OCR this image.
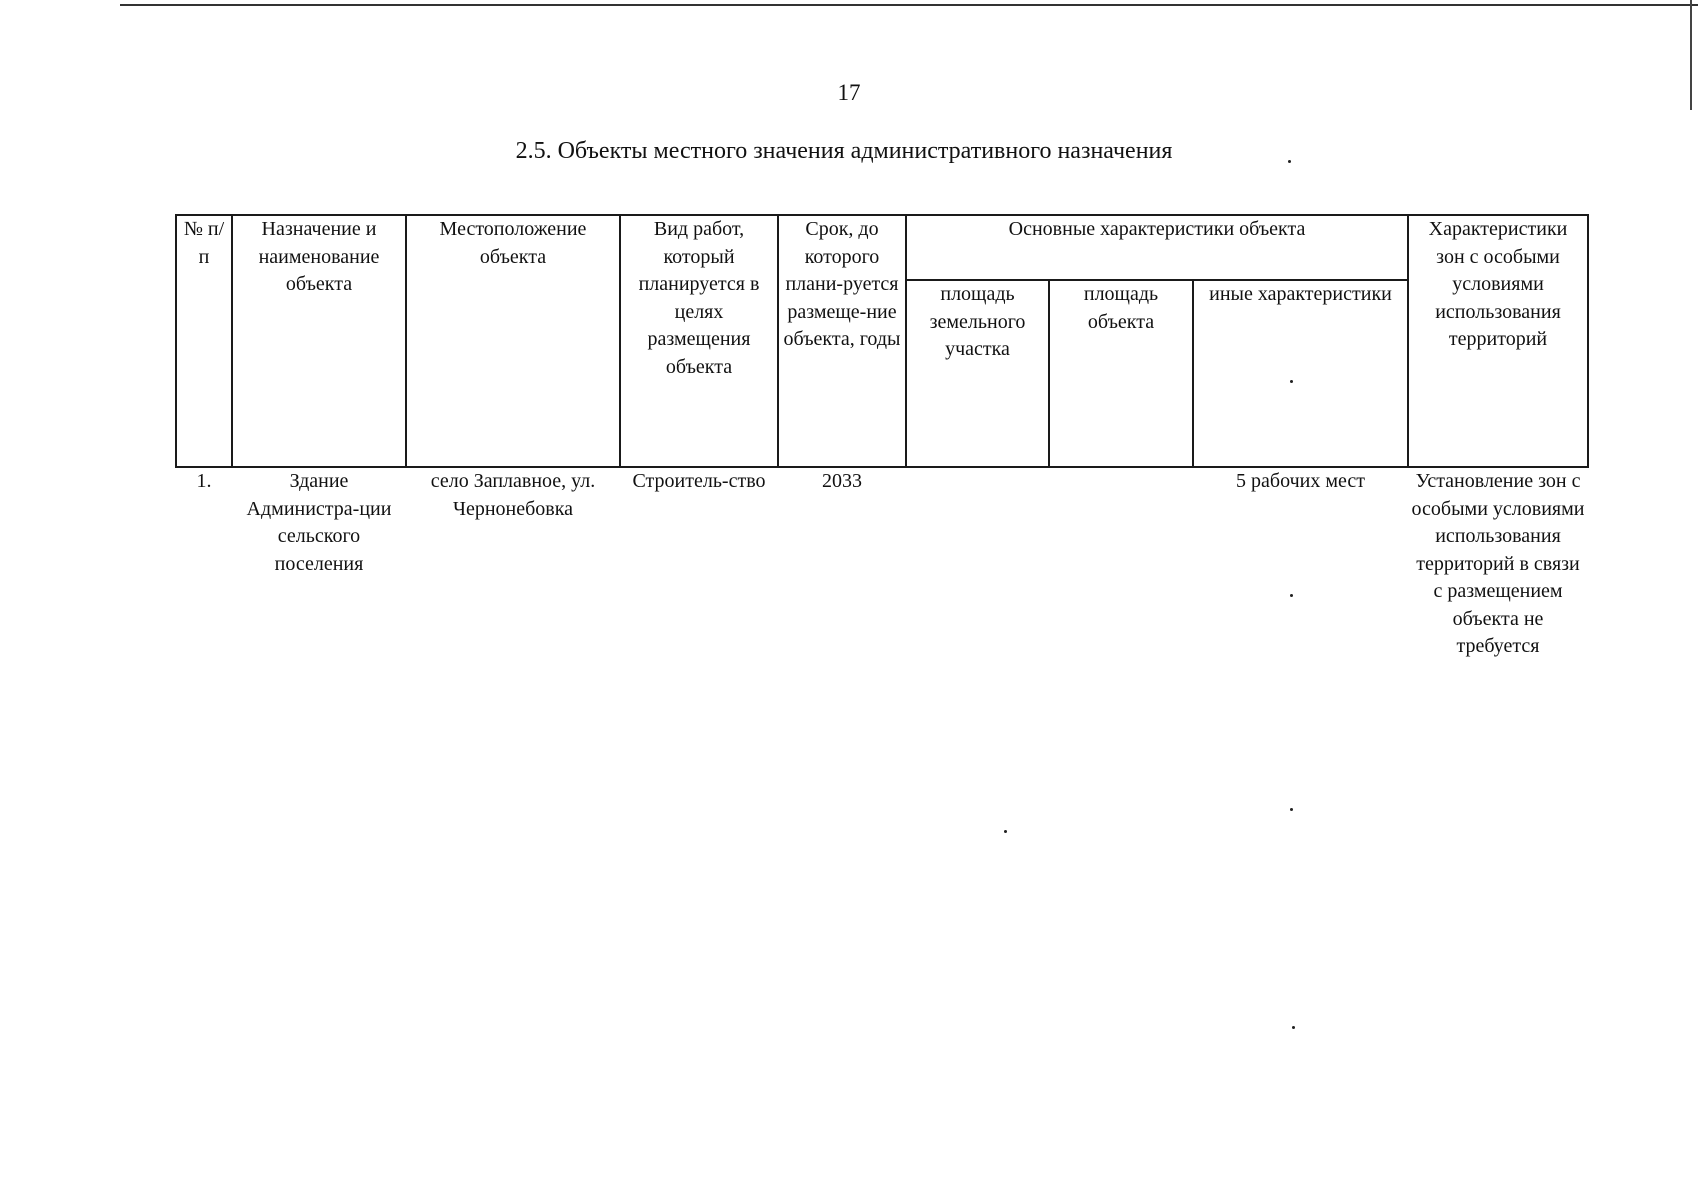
17
2.5. Объекты местного значения административного назначения
№ п/п	Назначение и наименование объекта	Местоположение объекта	Вид работ, который планируется в целях размещения объекта	Срок, до которого плани-руется размеще-ние объекта, годы	Основные характеристики объекта			Характеристики зон с особыми условиями использования территорий

					площадь земельного участка	площадь объекта	иные характеристики	

1.	Здание Администра-ции сельского поселения	село Заплавное, ул. Чернонебовка	Строитель-ство	2033			5 рабочих мест	Установление зон с особыми условиями использования территорий в связи с размещением объекта не требуется
